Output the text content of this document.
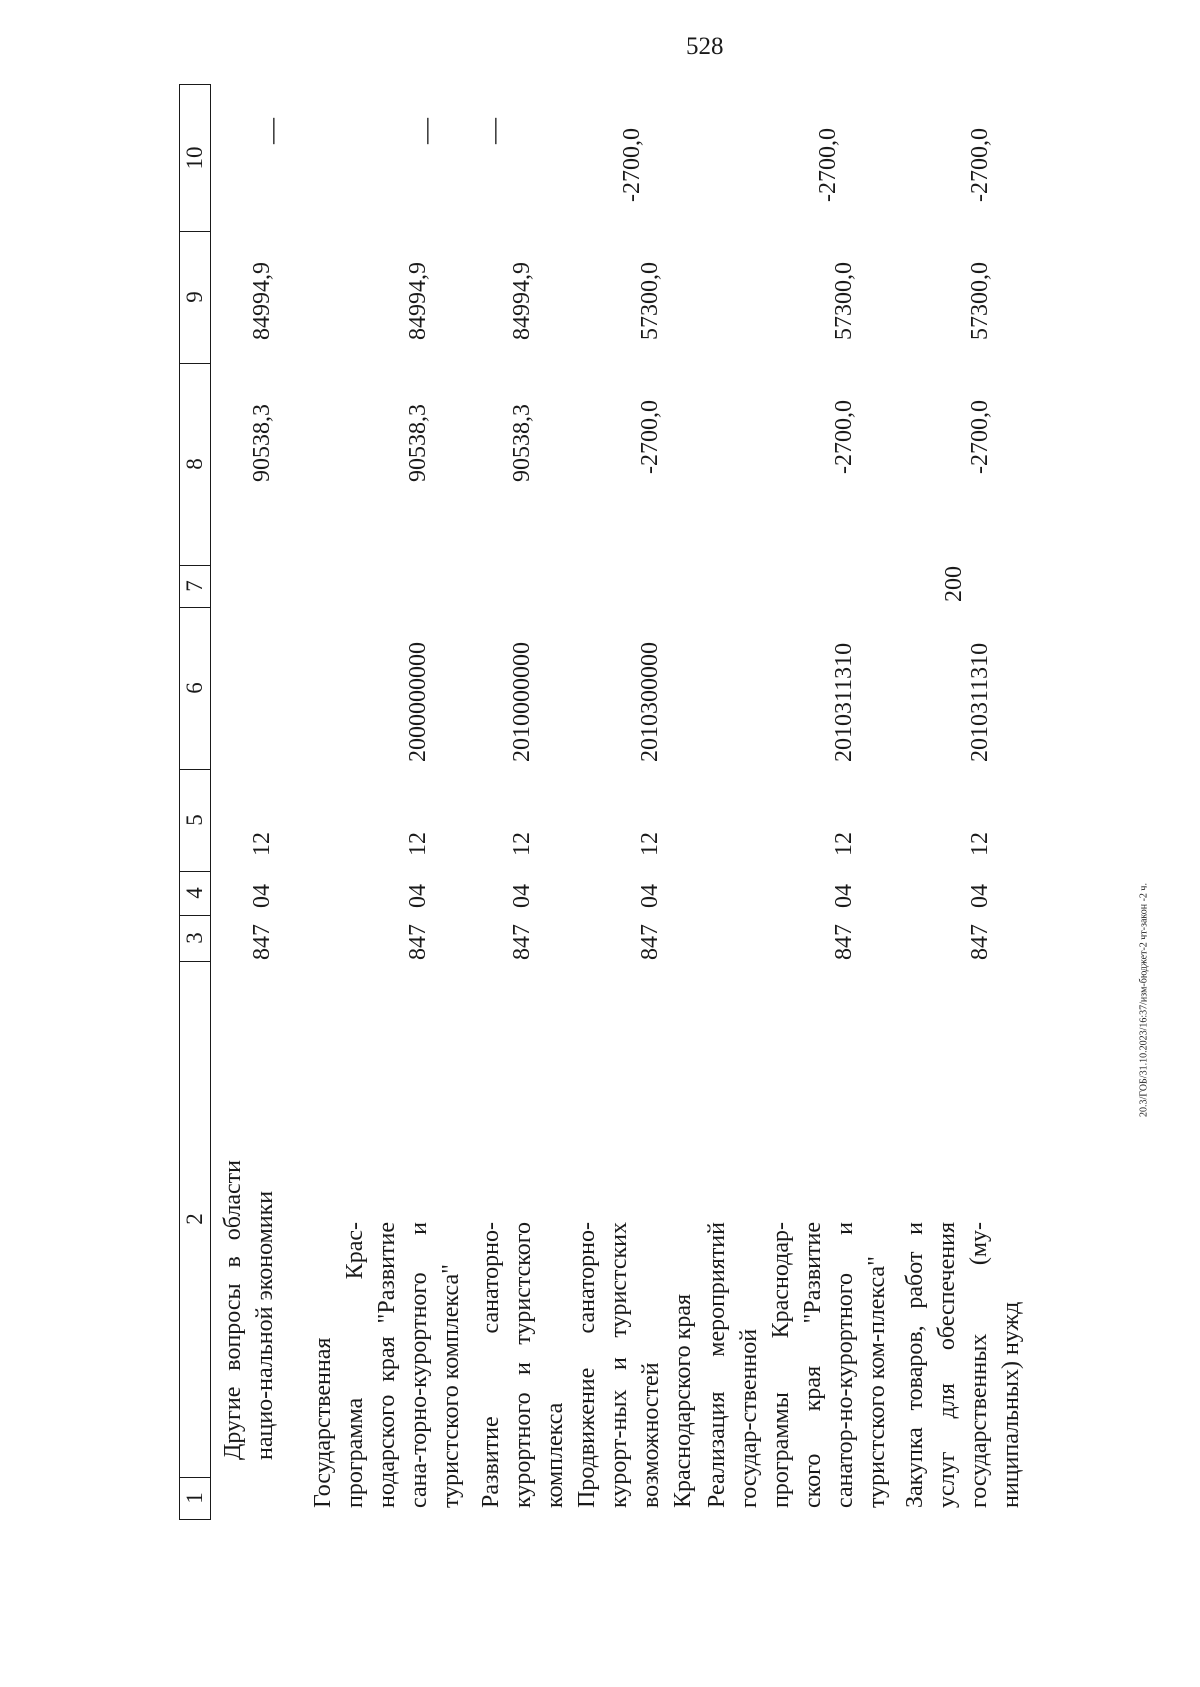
528
20.3/ГОБ/31.10.2023/16:37/изм-бюджет-2 чт-закон -2 ч.
1
2
3
4
5
6
7
8
9
10
Другие вопросы в области нацио-нальной экономики
847
04
12
90538,3
84994,9
—
Государственная программа Крас-нодарского края "Развитие сана-торно-курортного и туристского комплекса"
847
04
12
2000000000
90538,3
84994,9
—
Развитие санаторно-курортного и туристского комплекса
847
04
12
2010000000
90538,3
84994,9
—
Продвижение санаторно-курорт-ных и туристских возможностей Краснодарского края
847
04
12
2010300000
-2700,0
57300,0
-2700,0
Реализация мероприятий государ-ственной программы Краснодар-ского края "Развитие санатор-но-курортного и туристского ком-плекса"
847
04
12
2010311310
-2700,0
57300,0
-2700,0
Закупка товаров, работ и услуг для обеспечения государственных (му-ниципальных) нужд
847
04
12
2010311310
200
-2700,0
57300,0
-2700,0
